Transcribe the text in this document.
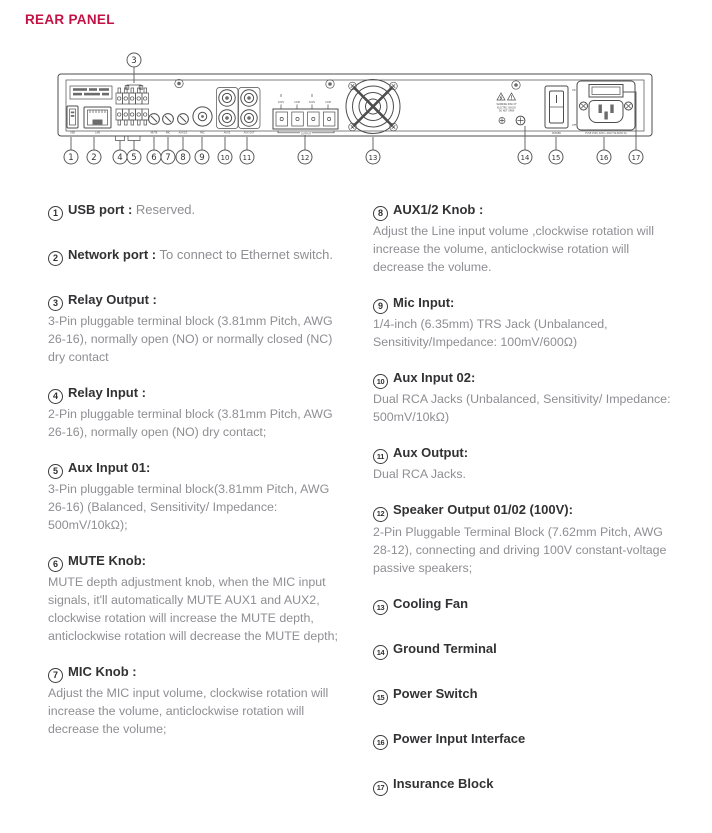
REAR PANEL
USB	LAN	MUTE	MIC	AUX1/2	MIC	AUX2	AUX OUT
100V	COM	100V	COM
OUTPUT
WARNING:RISK OF
ELECTRIC SHOCK
DO NOT OPEN
ON
OFF
POWER	FUSE 250V 220V~240V 50-60Hz 5A
3
1 2 4 5 6 7 8 9 10 11	12	13	14	15	16	17
1 USB port : Reserved.
2 Network port : To connect to Ethernet switch.
3 Relay Output :
3-Pin pluggable terminal block (3.81mm Pitch, AWG 26-16), normally open (NO) or normally closed (NC) dry contact
4 Relay Input :
2-Pin pluggable terminal block (3.81mm Pitch, AWG 26-16), normally open (NO) dry contact;
5 Aux Input 01:
3-Pin pluggable terminal block(3.81mm Pitch, AWG 26-16) (Balanced, Sensitivity/ Impedance: 500mV/10kΩ);
6 MUTE Knob:
MUTE depth adjustment knob, when the MIC input signals, it'll automatically MUTE AUX1 and AUX2, clockwise rotation will increase the MUTE depth, anticlockwise rotation will decrease the MUTE depth;
7 MIC Knob :
Adjust the MIC input volume, clockwise rotation will increase the volume, anticlockwise rotation will decrease the volume;
8 AUX1/2 Knob :
Adjust the Line input volume ,clockwise rotation will increase the volume, anticlockwise rotation will decrease the volume.
9 Mic Input:
1/4-inch (6.35mm) TRS Jack (Unbalanced, Sensitivity/Impedance: 100mV/600Ω)
10 Aux Input 02:
Dual RCA Jacks (Unbalanced, Sensitivity/ Impedance: 500mV/10kΩ)
11 Aux Output:
Dual RCA Jacks.
12 Speaker Output 01/02 (100V):
2-Pin Pluggable Terminal Block (7.62mm Pitch, AWG 28-12), connecting and driving 100V constant-voltage passive speakers;
13 Cooling Fan
14 Ground Terminal
15 Power Switch
16 Power Input Interface
17 Insurance Block
